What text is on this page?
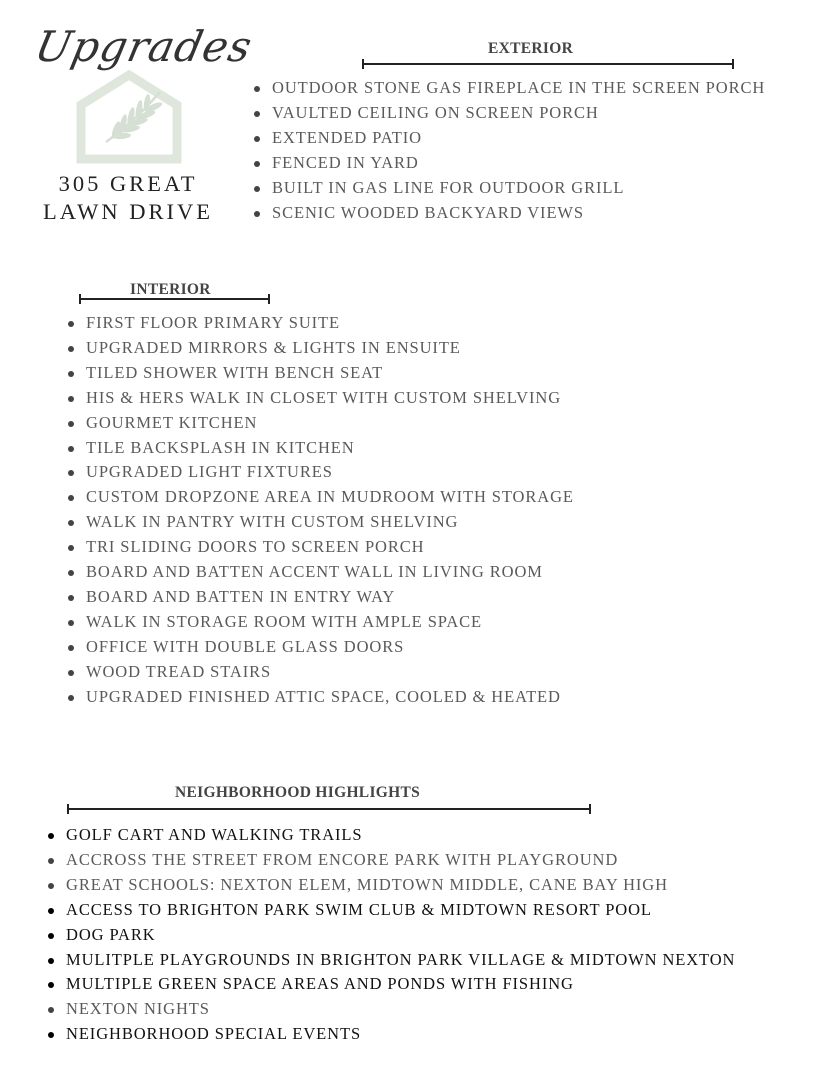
Upgrades
305 GREAT
LAWN DRIVE
EXTERIOR
OUTDOOR STONE GAS FIREPLACE IN THE SCREEN PORCH
VAULTED CEILING ON SCREEN PORCH
EXTENDED PATIO
FENCED IN YARD
BUILT IN GAS LINE FOR OUTDOOR GRILL
SCENIC WOODED BACKYARD VIEWS
INTERIOR
FIRST FLOOR PRIMARY SUITE
UPGRADED MIRRORS & LIGHTS IN ENSUITE
TILED SHOWER WITH BENCH SEAT
HIS & HERS WALK IN CLOSET WITH CUSTOM SHELVING
GOURMET KITCHEN
TILE BACKSPLASH IN KITCHEN
UPGRADED LIGHT FIXTURES
CUSTOM DROPZONE AREA IN MUDROOM WITH STORAGE
WALK IN PANTRY WITH CUSTOM SHELVING
TRI SLIDING DOORS TO SCREEN PORCH
BOARD AND BATTEN ACCENT WALL IN LIVING ROOM
BOARD AND BATTEN IN ENTRY WAY
WALK IN STORAGE ROOM WITH AMPLE SPACE
OFFICE WITH DOUBLE GLASS DOORS
WOOD TREAD STAIRS
UPGRADED FINISHED ATTIC SPACE, COOLED & HEATED
NEIGHBORHOOD HIGHLIGHTS
GOLF CART AND WALKING TRAILS
ACCROSS THE STREET FROM ENCORE PARK WITH PLAYGROUND
GREAT SCHOOLS: NEXTON ELEM, MIDTOWN MIDDLE, CANE BAY HIGH
ACCESS TO BRIGHTON PARK SWIM CLUB & MIDTOWN RESORT POOL
DOG PARK
MULITPLE PLAYGROUNDS IN BRIGHTON PARK VILLAGE & MIDTOWN NEXTON
MULTIPLE GREEN SPACE AREAS AND PONDS WITH FISHING
NEXTON NIGHTS
NEIGHBORHOOD SPECIAL EVENTS
